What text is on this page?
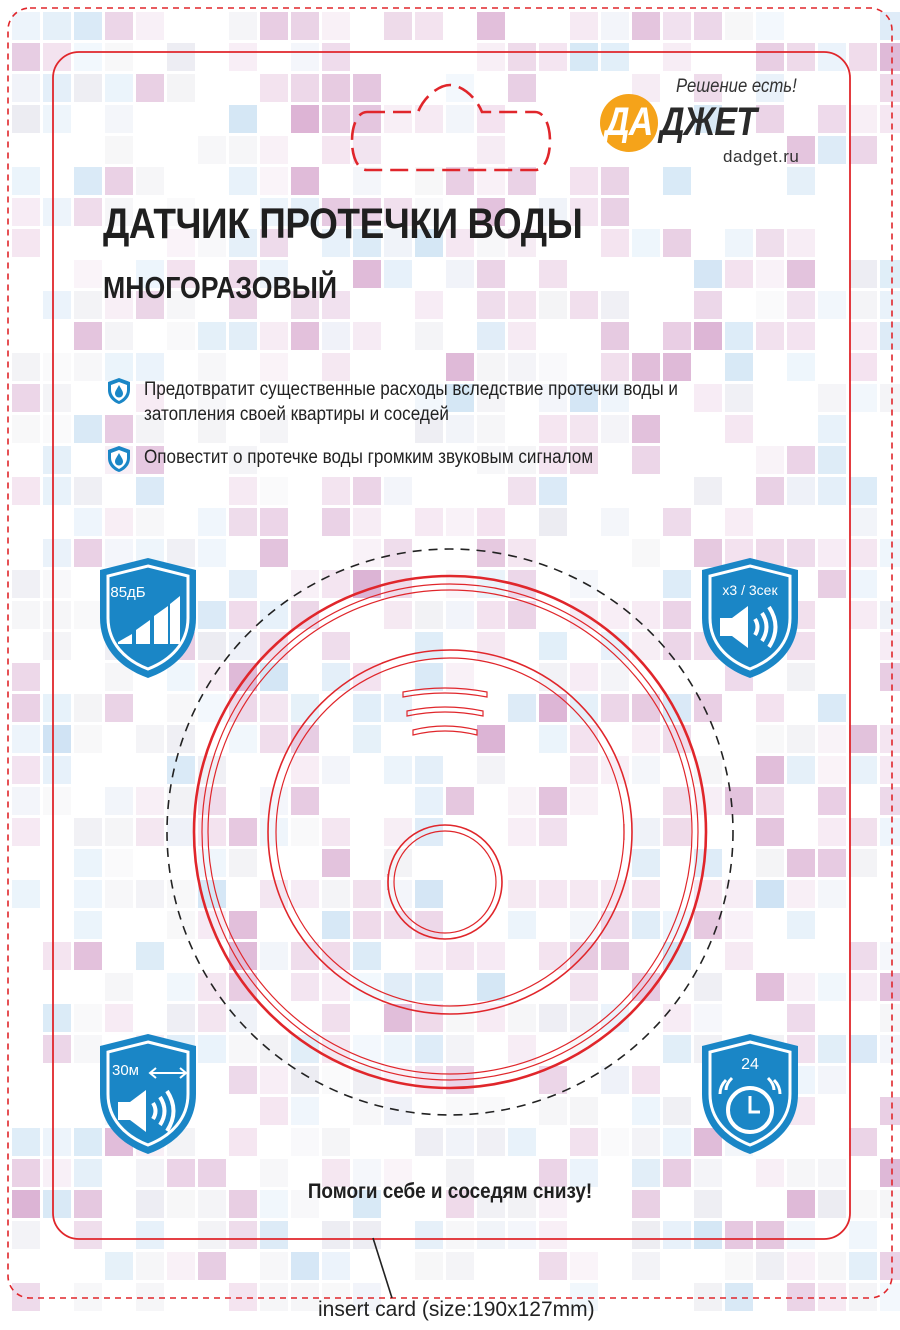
Решение есть!
ДА ДЖЕТ
dadget.ru
ДАТЧИК ПРОТЕЧКИ ВОДЫ
МНОГОРАЗОВЫЙ
Предотвратит существенные расходы вследствие протечки воды и
затопления своей квартиры и соседей
Оповестит о протечке воды громким звуковым сигналом
85дБ	x3 / 3сек
30м	24
Помоги себе и соседям снизу!
insert card (size:190x127mm)
